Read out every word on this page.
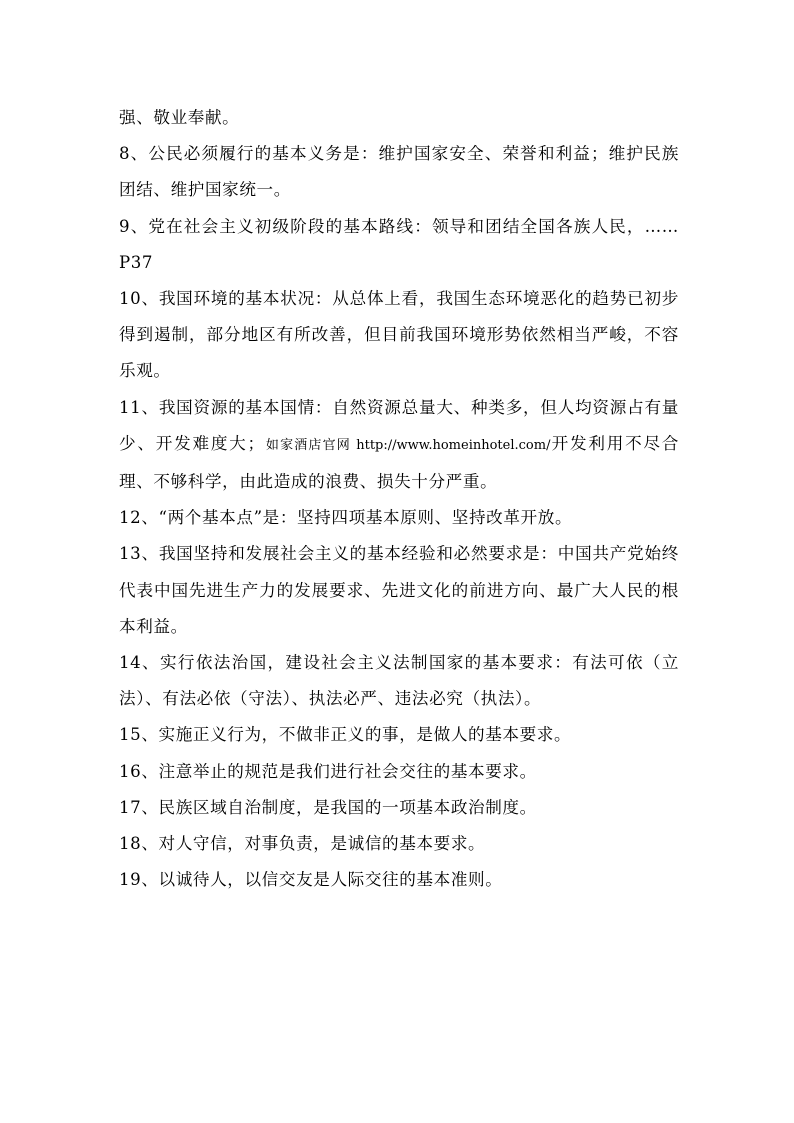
强、敬业奉献。

8、公民必须履行的基本义务是：维护国家安全、荣誉和利益；维护民族团结、维护国家统一。

9、党在社会主义初级阶段的基本路线：领导和团结全国各族人民，……P37

10、我国环境的基本状况：从总体上看，我国生态环境恶化的趋势已初步得到遏制，部分地区有所改善，但目前我国环境形势依然相当严峻，不容乐观。

11、我国资源的基本国情：自然资源总量大、种类多，但人均资源占有量少、开发难度大；如家酒店官网 http://www.homeinhotel.com/开发利用不尽合理、不够科学，由此造成的浪费、损失十分严重。

12、“两个基本点”是：坚持四项基本原则、坚持改革开放。

13、我国坚持和发展社会主义的基本经验和必然要求是：中国共产党始终代表中国先进生产力的发展要求、先进文化的前进方向、最广大人民的根本利益。

14、实行依法治国，建设社会主义法制国家的基本要求：有法可依（立法）、有法必依（守法）、执法必严、违法必究（执法）。

15、实施正义行为，不做非正义的事，是做人的基本要求。

16、注意举止的规范是我们进行社会交往的基本要求。

17、民族区域自治制度，是我国的一项基本政治制度。

18、对人守信，对事负责，是诚信的基本要求。

19、以诚待人，以信交友是人际交往的基本准则。
